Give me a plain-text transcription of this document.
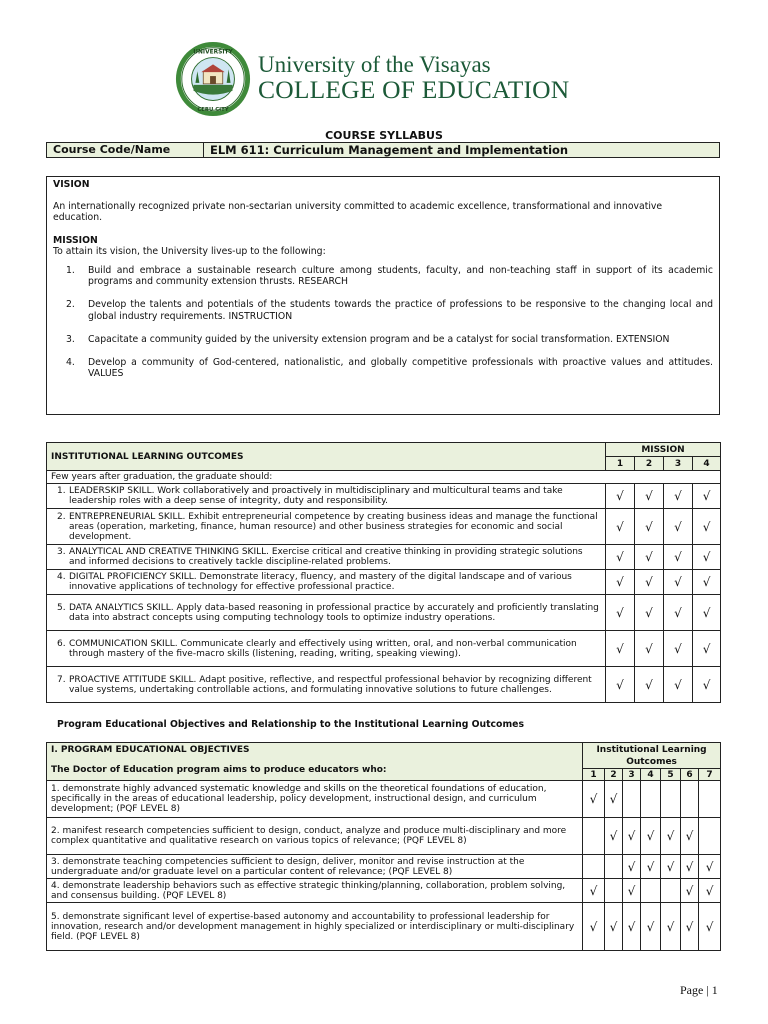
UNIVERSITY
CEBU CITY
University of the Visayas
COLLEGE OF EDUCATION
COURSE SYLLABUS
Course Code/Name	ELM 611: Curriculum Management and Implementation

VISION

An internationally recognized private non-sectarian university committed to academic excellence, transformational and innovative education.

MISSION

To attain its vision, the University lives-up to the following:

1. Build and embrace a sustainable research culture among students, faculty, and non-teaching staff in support of its academic programs and community extension thrusts. RESEARCH
2. Develop the talents and potentials of the students towards the practice of professions to be responsive to the changing local and global industry requirements. INSTRUCTION
3. Capacitate a community guided by the university extension program and be a catalyst for social transformation. EXTENSION
4. Develop a community of God-centered, nationalistic, and globally competitive professionals with proactive values and attitudes. VALUES
INSTITUTIONAL LEARNING OUTCOMES	MISSION			
	1	2	3	4
Few years after graduation, the graduate should:				

1. LEADERSKIP SKILL. Work collaboratively and proactively in multidisciplinary and multicultural teams and take leadership roles with a deep sense of integrity, duty and responsibility.	√	√	√	√

2. ENTREPRENEURIAL SKILL. Exhibit entrepreneurial competence by creating business ideas and manage the functional areas (operation, marketing, finance, human resource) and other business strategies for economic and social development.	√	√	√	√

3. ANALYTICAL AND CREATIVE THINKING SKILL. Exercise critical and creative thinking in providing strategic solutions and informed decisions to creatively tackle discipline-related problems.	√	√	√	√

4. DIGITAL PROFICIENCY SKILL. Demonstrate literacy, fluency, and mastery of the digital landscape and of various innovative applications of technology for effective professional practice.	√	√	√	√

5. DATA ANALYTICS SKILL. Apply data-based reasoning in professional practice by accurately and proficiently translating data into abstract concepts using computing technology tools to optimize industry operations.	√	√	√	√

6. COMMUNICATION SKILL. Communicate clearly and effectively using written, oral, and non-verbal communication through mastery of the five-macro skills (listening, reading, writing, speaking viewing).	√	√	√	√

7. PROACTIVE ATTITUDE SKILL. Adapt positive, reflective, and respectful professional behavior by recognizing different value systems, undertaking controllable actions, and formulating innovative solutions to future challenges.	√	√	√	√
Program Educational Objectives and Relationship to the Institutional Learning Outcomes
I. PROGRAM EDUCATIONAL OBJECTIVES
The Doctor of Education program aims to produce educators who:	Institutional Learning Outcomes						
	1	2	3	4	5	6	7
1. demonstrate highly advanced systematic knowledge and skills on the theoretical foundations of education, specifically in the areas of educational leadership, policy development, instructional design, and curriculum development; (PQF LEVEL 8)	√	√					
2. manifest research competencies sufficient to design, conduct, analyze and produce multi-disciplinary and more complex quantitative and qualitative research on various topics of relevance; (PQF LEVEL 8)		√	√	√	√	√	
3. demonstrate teaching competencies sufficient to design, deliver, monitor and revise instruction at the undergraduate and/or graduate level on a particular content of relevance; (PQF LEVEL 8)			√	√	√	√	√
4. demonstrate leadership behaviors such as effective strategic thinking/planning, collaboration, problem solving, and consensus building. (PQF LEVEL 8)	√		√			√	√
5. demonstrate significant level of expertise-based autonomy and accountability to professional leadership for innovation, research and/or development management in highly specialized or interdisciplinary or multi-disciplinary field. (PQF LEVEL 8)	√	√	√	√	√	√	√
Page | 1
